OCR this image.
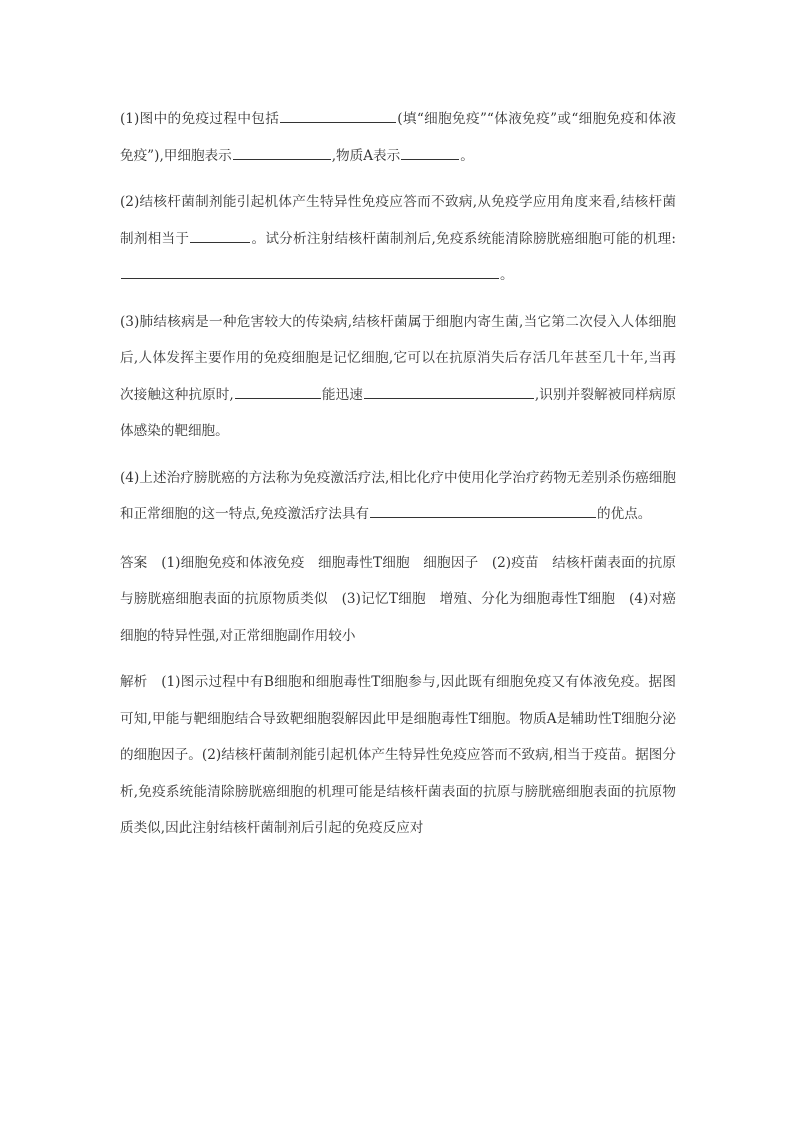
(1)图中的免疫过程中包括	(填“细胞免疫”“体液免疫”或“细胞免疫和体液免疫”),甲细胞表示	,物质A表示	。

(2)结核杆菌制剂能引起机体产生特异性免疫应答而不致病,从免疫学应用角度来看,结核杆菌制剂相当于	。试分析注射结核杆菌制剂后,免疫系统能清除膀胱癌细胞可能的机理:。

(3)肺结核病是一种危害较大的传染病,结核杆菌属于细胞内寄生菌,当它第二次侵入人体细胞后,人体发挥主要作用的免疫细胞是记忆细胞,它可以在抗原消失后存活几年甚至几十年,当再次接触这种抗原时,	能迅速	,识别并裂解被同样病原体感染的靶细胞。

(4)上述治疗膀胱癌的方法称为免疫激活疗法,相比化疗中使用化学治疗药物无差别杀伤癌细胞和正常细胞的这一特点,免疫激活疗法具有	的优点。

答案 (1)细胞免疫和体液免疫 细胞毒性T细胞 细胞因子 (2)疫苗 结核杆菌表面的抗原与膀胱癌细胞表面的抗原物质类似 (3)记忆T细胞 增殖、分化为细胞毒性T细胞 (4)对癌细胞的特异性强,对正常细胞副作用较小

解析 (1)图示过程中有B细胞和细胞毒性T细胞参与,因此既有细胞免疫又有体液免疫。据图可知,甲能与靶细胞结合导致靶细胞裂解因此甲是细胞毒性T细胞。物质A是辅助性T细胞分泌的细胞因子。(2)结核杆菌制剂能引起机体产生特异性免疫应答而不致病,相当于疫苗。据图分析,免疫系统能清除膀胱癌细胞的机理可能是结核杆菌表面的抗原与膀胱癌细胞表面的抗原物质类似,因此注射结核杆菌制剂后引起的免疫反应对
